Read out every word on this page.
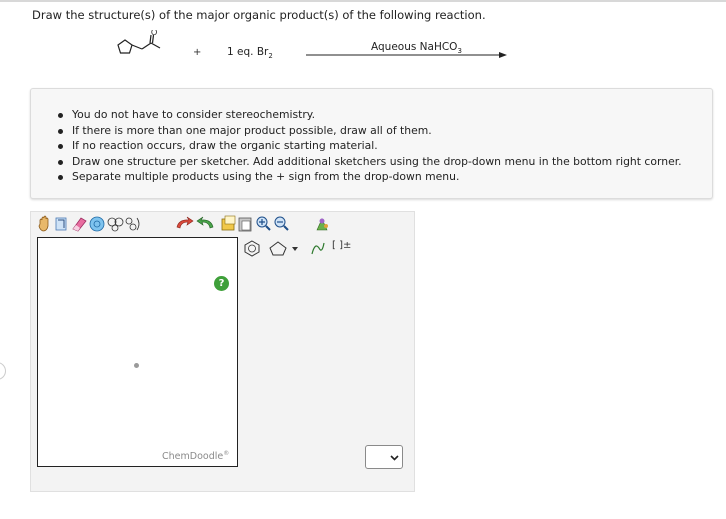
Draw the structure(s) of the major organic product(s) of the following reaction.
O
+ 1 eq. $Br_2$
Aqueous NaHCO$_3$
You do not have to consider stereochemistry.
If there is more than one major product possible, draw all of them.
If no reaction occurs, draw the organic starting material.
Draw one structure per sketcher. Add additional sketchers using the drop-down menu in the bottom right corner.
Separate multiple products using the + sign from the drop-down menu.
[ ]±
?
ChemDoodle®
